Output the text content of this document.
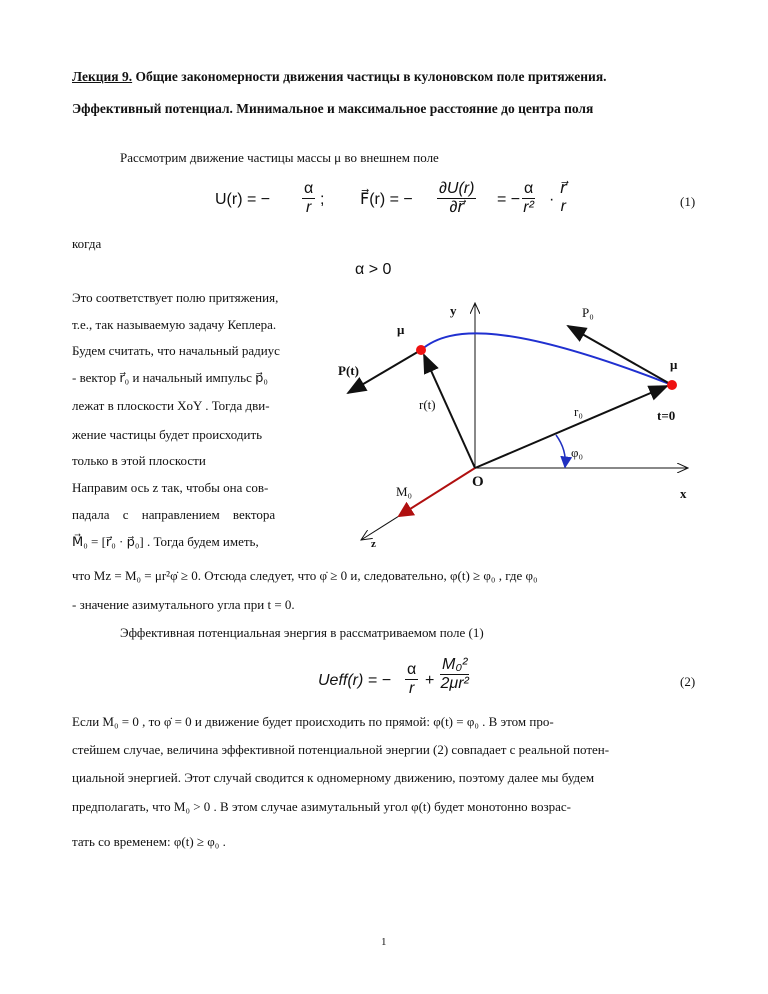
Лекция 9. Общие закономерности движения частицы в кулоновском поле притяжения.
Эффективный потенциал. Минимальное и максимальное расстояние до центра поля
Рассмотрим движение частицы массы μ во внешнем поле
U(r) = − $\frac{\alpha}{r}$ ; F⃗(r) = − $\frac{\partial U(r)}{\partial r⃗}$ = − $\frac{\alpha}{\text{r²}}$ ·
r⃗
r	(1)
когда
α > 0
Это соответствует полю притяжения,
т.е., так называемую задачу Кеплера.
Будем считать, что начальный радиус
- вектор r⃗₀ и начальный импульс p⃗₀
лежат в плоскости XoY . Тогда дви-
жение частицы будет происходить
только в этой плоскости
Направим ось z так, чтобы она сов-
падала с направлением вектора
M⃗₀ = [r⃗₀ · p⃗₀] . Тогда будем иметь,
y	P₀
μ
μ
P(t)
r(t)	r₀	t=0
φ₀
O
M₀	x
z
что Mz = M₀ = μr²φ̇ ≥ 0. Отсюда следует, что φ̇ ≥ 0 и, следовательно, φ(t) ≥ φ₀ , где φ₀
- значение азимутального угла при t = 0.
Эффективная потенциальная энергия в рассматриваемом поле (1)
Ueff(r) = − $\frac{\alpha}{r} + \frac{\text{M₀²}}{\text{2μr²}}$	(2)
Если M₀ = 0 , то φ̇ = 0 и движение будет происходить по прямой: φ(t) = φ₀ . В этом про-
стейшем случае, величина эффективной потенциальной энергии (2) совпадает с реальной потен-
циальной энергией. Этот случай сводится к одномерному движению, поэтому далее мы будем
предполагать, что M₀ > 0 . В этом случае азимутальный угол φ(t) будет монотонно возрас-
тать со временем: φ(t) ≥ φ₀ .
1
